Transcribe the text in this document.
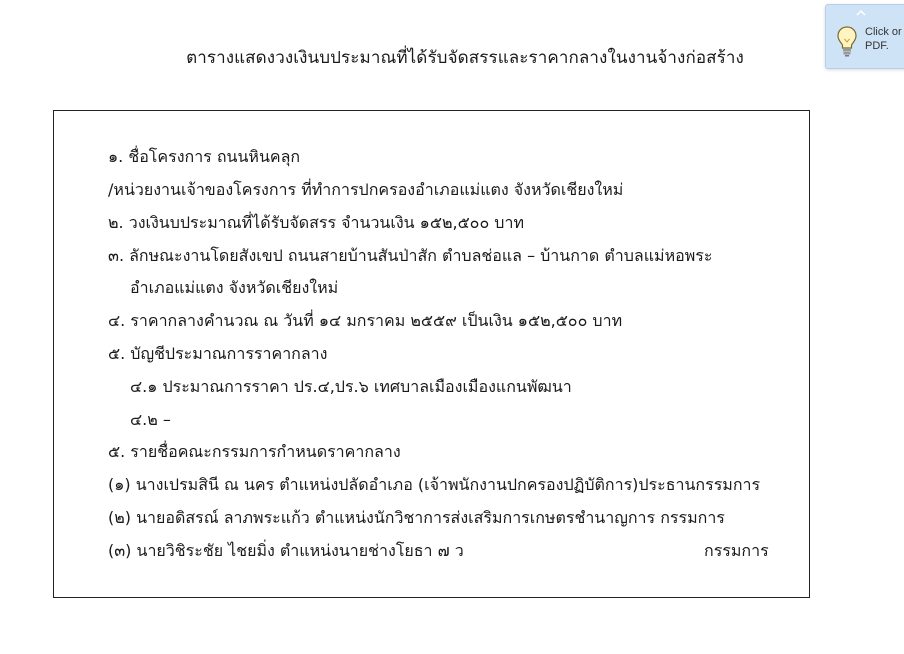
ตารางแสดงวงเงินบประมาณที่ได้รับจัดสรรและราคากลางในงานจ้างก่อสร้าง
๑. ชื่อโครงการ ถนนหินคลุก
/หน่วยงานเจ้าของโครงการ ที่ทำการปกครองอำเภอแม่แตง จังหวัดเชียงใหม่
๒. วงเงินบประมาณที่ได้รับจัดสรร จำนวนเงิน ๑๕๒,๕๐๐ บาท
๓. ลักษณะงานโดยสังเขป ถนนสายบ้านสันป่าสัก ตำบลช่อแล – บ้านกาด ตำบลแม่หอพระ
อำเภอแม่แตง จังหวัดเชียงใหม่
๔. ราคากลางคำนวณ ณ วันที่ ๑๔ มกราคม ๒๕๕๙ เป็นเงิน ๑๕๒,๕๐๐ บาท
๕. บัญชีประมาณการราคากลาง
๔.๑ ประมาณการราคา ปร.๔,ปร.๖ เทศบาลเมืองเมืองแกนพัฒนา
๔.๒ –
๕. รายชื่อคณะกรรมการกำหนดราคากลาง
(๑) นางเปรมสินี ณ นคร ตำแหน่งปลัดอำเภอ (เจ้าพนักงานปกครองปฏิบัติการ)ประธานกรรมการ
(๒) นายอดิสรณ์ ลาภพระแก้ว ตำแหน่งนักวิชาการส่งเสริมการเกษตรชำนาญการ กรรมการ
(๓) นายวิชิระชัย ไชยมิ่ง ตำแหน่งนายช่างโยธา ๗ ว	กรรมการ
Click or
PDF.
